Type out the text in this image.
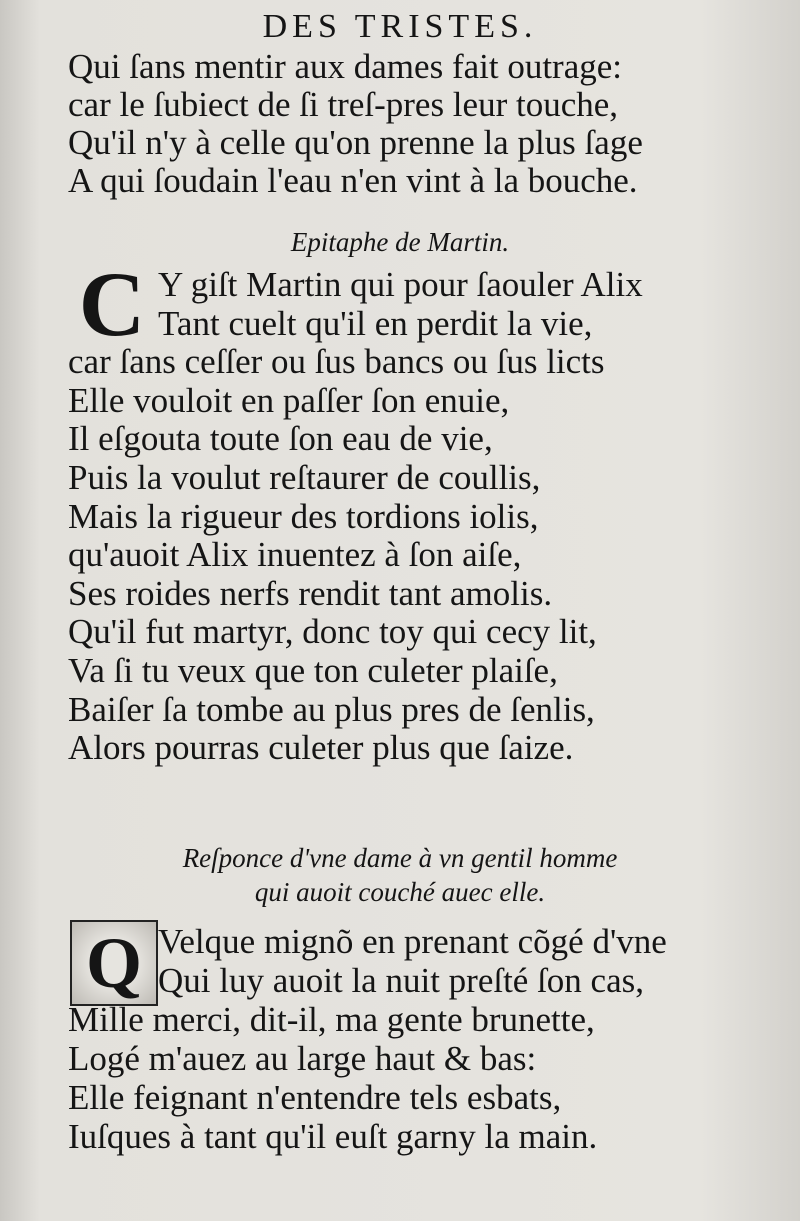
DES TRISTES.
Qui ſans mentir aux dames fait outrage:
car le ſubiect de ſi treſ-pres leur touche,
Qu'il n'y à celle qu'on prenne la plus ſage
A qui ſoudain l'eau n'en vint à la bouche.
Epitaphe de Martin.
C Y giſt Martin qui pour ſaouler Alix
Tant cuelt qu'il en perdit la vie,
car ſans ceſſer ou ſus bancs ou ſus licts
Elle vouloit en paſſer ſon enuie,
Il eſgouta toute ſon eau de vie,
Puis la voulut reſtaurer de coullis,
Mais la rigueur des tordions iolis,
qu'auoit Alix inuentez à ſon aiſe,
Ses roides nerfs rendit tant amolis.
Qu'il fut martyr, donc toy qui cecy lit,
Va ſi tu veux que ton culeter plaiſe,
Baiſer ſa tombe au plus pres de ſenlis,
Alors pourras culeter plus que ſaize.
Reſponce d'vne dame à vn gentil homme
qui auoit couché auec elle.
Q Velque mignõ en prenant cõgé d'vne
Qui luy auoit la nuit preſté ſon cas,
Mille merci, dit-il, ma gente brunette,
Logé m'auez au large haut & bas:
Elle feignant n'entendre tels esbats,
Iuſques à tant qu'il euſt garny la main.
